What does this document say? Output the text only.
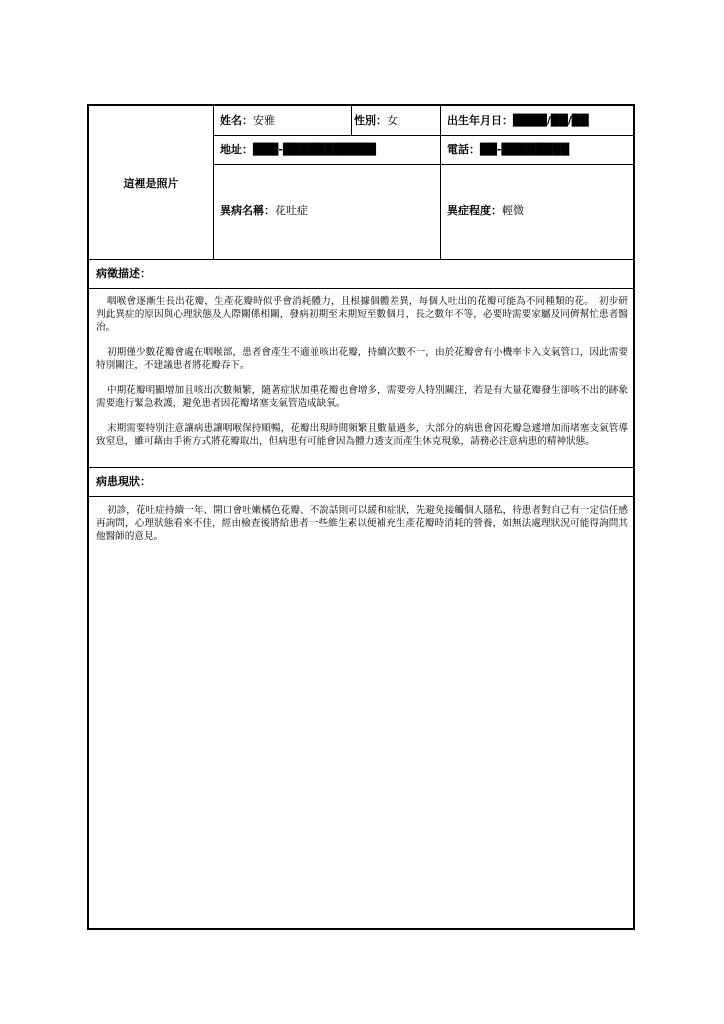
這裡是照片
姓名：安雅	性別：女	出生年月日：████/██/██
地址：███-███████████	電話：██-████████
異病名稱：花吐症	異症程度：輕微
病徵描述：

咽喉會逐漸生長出花瓣，生產花瓣時似乎會消耗體力，且根據個體差異，每個人吐出的花瓣可能為不同種類的花。　初步研判此異症的原因與心理狀態及人際關係相關，發病初期至末期短至數個月，長之數年不等，必要時需要家屬及同儕幫忙患者醫治。

初期僅少數花瓣會處在咽喉部，患者會產生不適並咳出花瓣，持續次數不一，由於花瓣會有小機率卡入支氣管口，因此需要特別關注，不建議患者將花瓣吞下。

中期花瓣明顯增加且咳出次數頻繁，隨著症狀加重花瓣也會增多，需要旁人特別關注，若是有大量花瓣發生卻咳不出的跡象需要進行緊急救護，避免患者因花瓣堵塞支氣管造成缺氧。

末期需要特別注意讓病患讓咽喉保持順暢，花瓣出現時間頻繁且數量過多，大部分的病患會因花瓣急遽增加而堵塞支氣管導致窒息，雖可藉由手術方式將花瓣取出，但病患有可能會因為體力透支而產生休克現象，請務必注意病患的精神狀態。

病患現狀：

初診，花吐症持續一年、開口會吐嫩橘色花瓣、不說話則可以緩和症狀，先避免接觸個人隱私，待患者對自己有一定信任感再詢問，心理狀態看來不佳，經由檢查後將給患者一些維生素以便補充生產花瓣時消耗的營養，如無法處理狀況可能得詢問其他醫師的意見。
